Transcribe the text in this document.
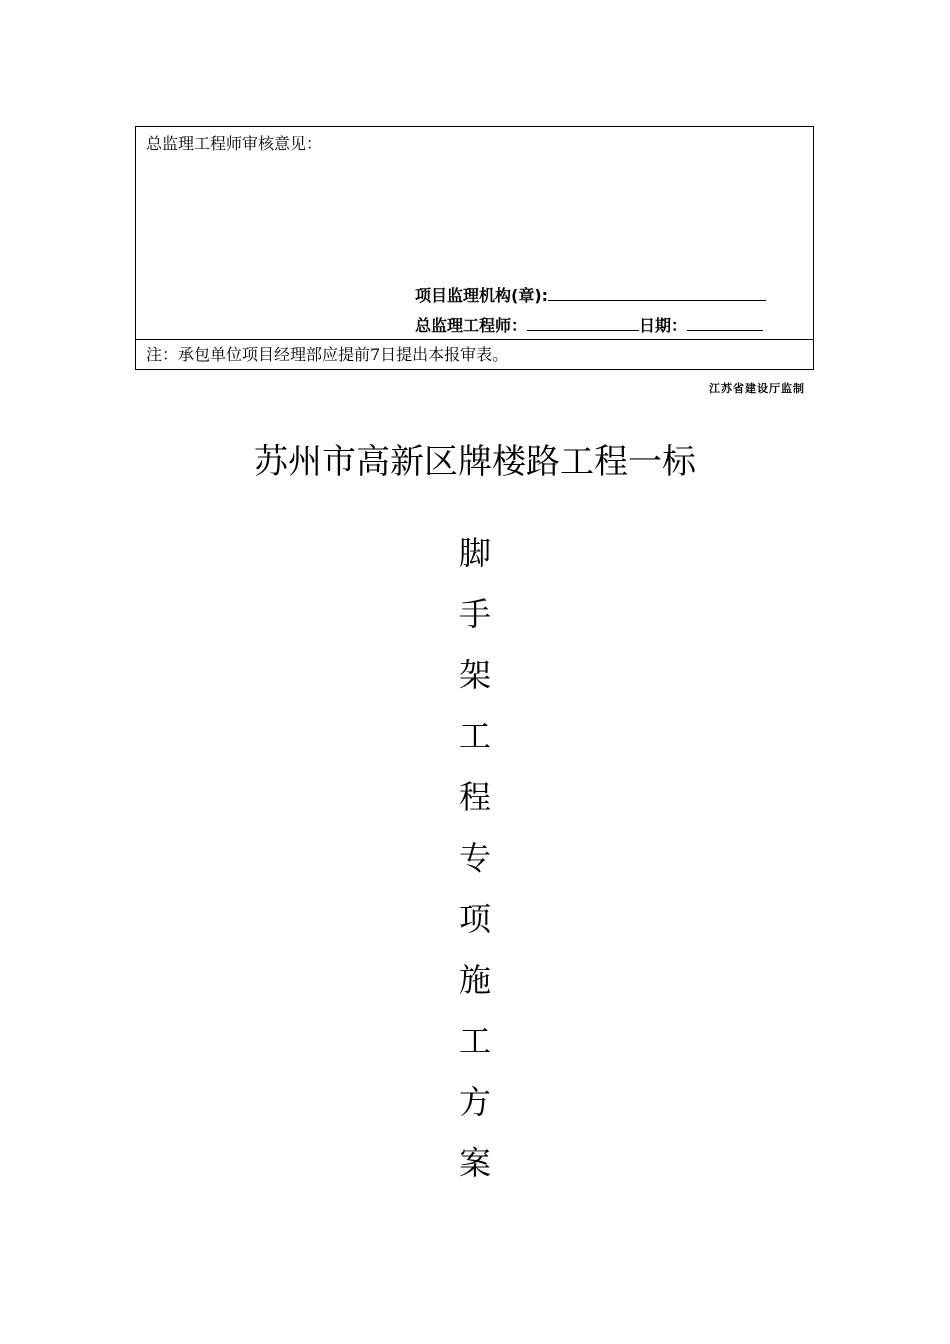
总监理工程师审核意见：
项目监理机构(章):
总监理工程师：	日期：
注：承包单位项目经理部应提前7日提出本报审表。
江苏省建设厅监制
苏州市高新区牌楼路工程一标
脚
手
架
工
程
专
项
施
工
方
案
